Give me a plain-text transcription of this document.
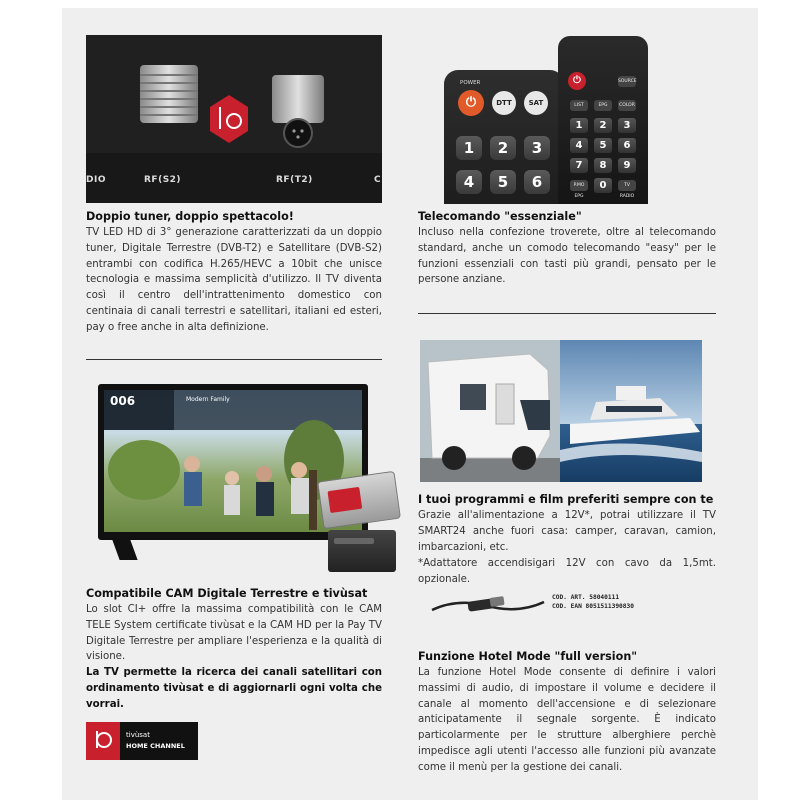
DIO	RF(S2)	RF(T2)	C
Doppio tuner, doppio spettacolo!
TV LED HD di 3° generazione caratterizzati da un doppio tuner, Digitale Terrestre (DVB-T2) e Satellitare (DVB-S2) entrambi con codifica H.265/HEVC a 10bit che unisce tecnologia e massima semplicità d'utilizzo. Il TV diventa così il centro dell'intrattenimento domestico con centinaia di canali terrestri e satellitari, italiani ed esteri, pay o free anche in alta definizione.
POWER
⏻	DTT	SAT
1	2	3
4	5	6
⏻	SOURCE
LIST	EPG	COLOR
1	2	3
4	5	6
7	8	9
P.MO EPG
0	TV RADIO
Telecomando "essenziale"
Incluso nella confezione troverete, oltre al telecomando standard, anche un comodo telecomando "easy" per le funzioni essenziali con tasti più grandi, pensato per le persone anziane.
006	Modern Family
Compatibile CAM Digitale Terrestre e tivùsat
Lo slot CI+ offre la massima compatibilità con le CAM TELE System certificate tivùsat e la CAM HD per la Pay TV Digitale Terrestre per ampliare l'esperienza e la qualità di visione.
La TV permette la ricerca dei canali satellitari con ordinamento tivùsat e di aggiornarli ogni volta che vorrai.
tivùsat
HOME CHANNEL
I tuoi programmi e film preferiti sempre con te
Grazie all'alimentazione a 12V*, potrai utilizzare il TV SMART24 anche fuori casa: camper, caravan, camion, imbarcazioni, etc.
*Adattatore accendisigari 12V con cavo da 1,5mt. opzionale.
COD. ART. 58040111
COD. EAN 8051511390830
Funzione Hotel Mode "full version"
La funzione Hotel Mode consente di definire i valori massimi di audio, di impostare il volume e decidere il canale al momento dell'accensione e di selezionare anticipatamente il segnale sorgente. È indicato particolarmente per le strutture alberghiere perchè impedisce agli utenti l'accesso alle funzioni più avanzate come il menù per la gestione dei canali.
